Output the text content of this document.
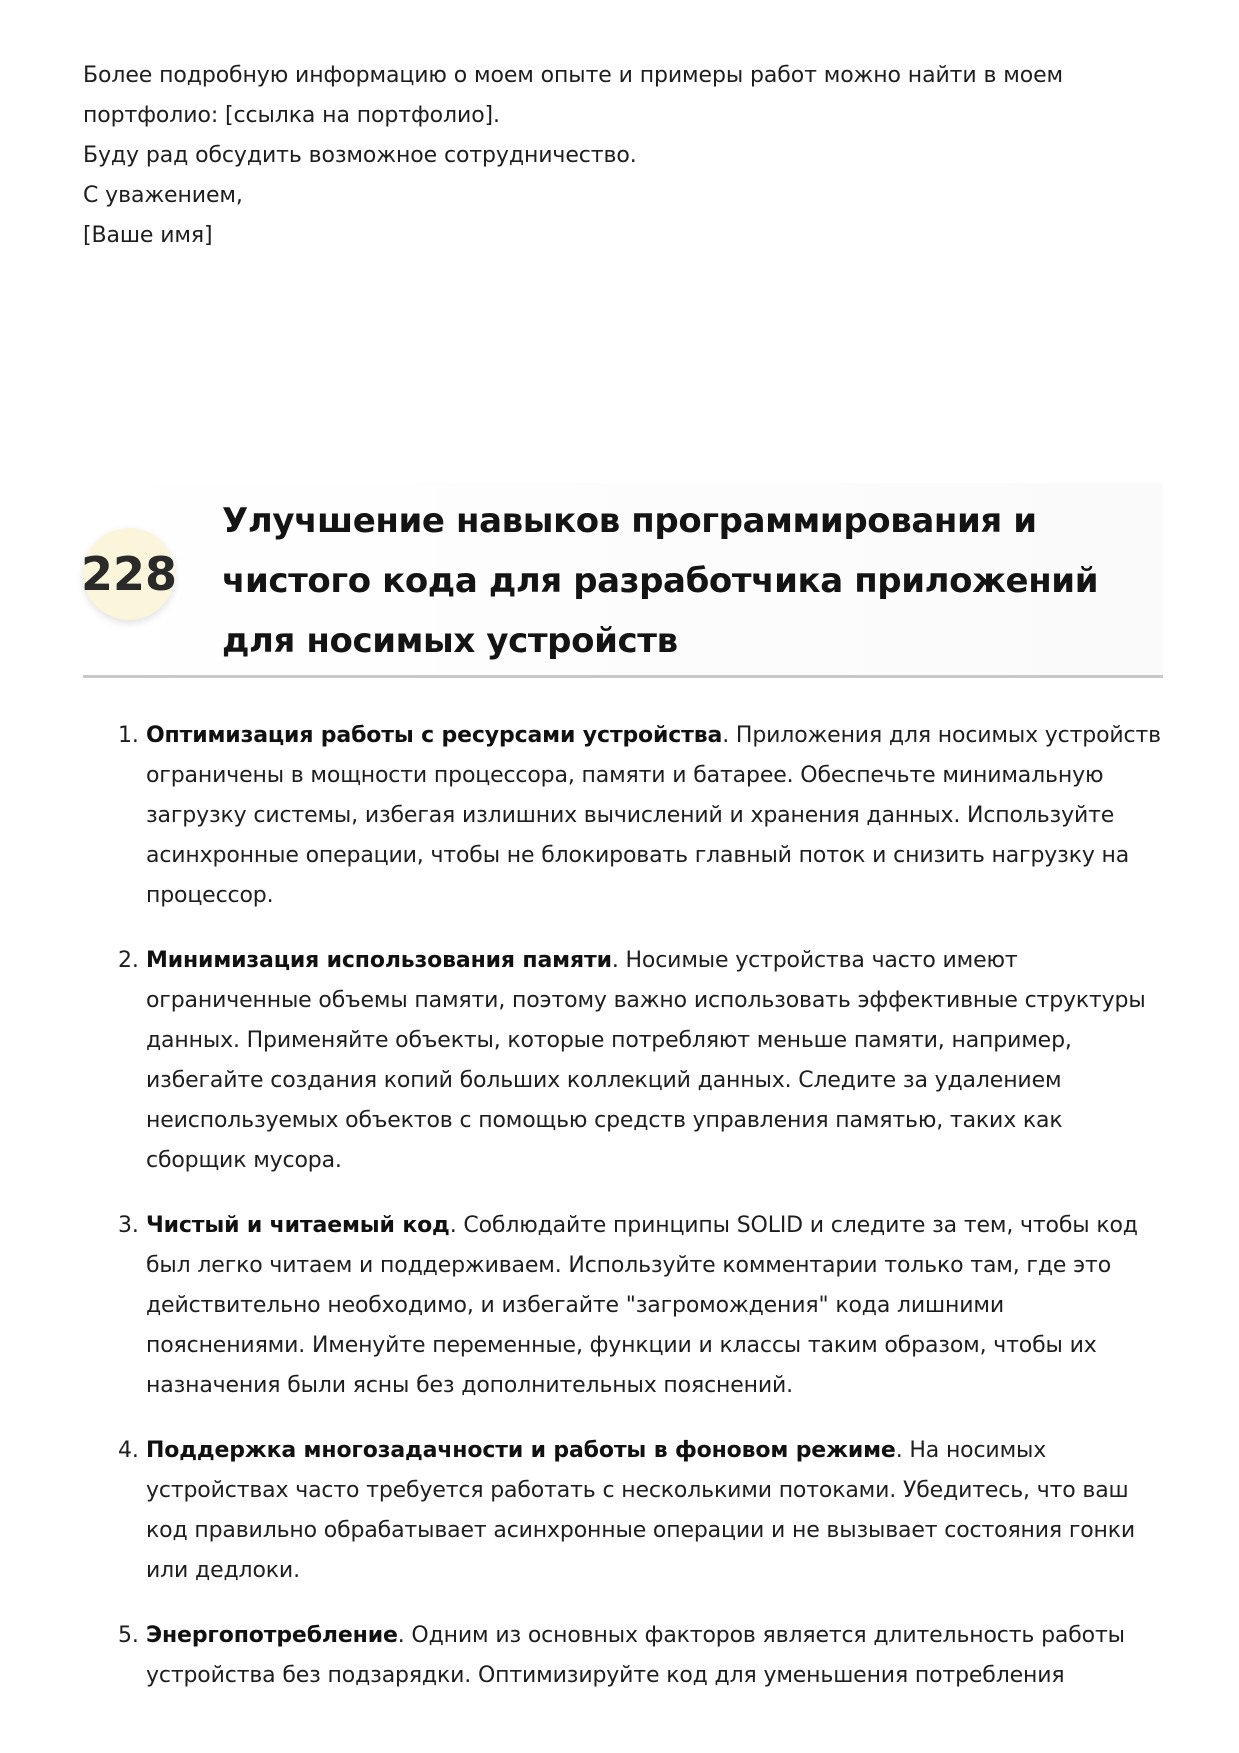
Более подробную информацию о моем опыте и примеры работ можно найти в моем портфолио: [ссылка на портфолио].

Буду рад обсудить возможное сотрудничество.

С уважением,

[Ваше имя]

228
Улучшение навыков программирования и чистого кода для разработчика приложений для носимых устройств
1. Оптимизация работы с ресурсами устройства. Приложения для носимых устройств ограничены в мощности процессора, памяти и батарее. Обеспечьте минимальную загрузку системы, избегая излишних вычислений и хранения данных. Используйте асинхронные операции, чтобы не блокировать главный поток и снизить нагрузку на процессор.
2. Минимизация использования памяти. Носимые устройства часто имеют ограниченные объемы памяти, поэтому важно использовать эффективные структуры данных. Применяйте объекты, которые потребляют меньше памяти, например, избегайте создания копий больших коллекций данных. Следите за удалением неиспользуемых объектов с помощью средств управления памятью, таких как сборщик мусора.
3. Чистый и читаемый код. Соблюдайте принципы SOLID и следите за тем, чтобы код был легко читаем и поддерживаем. Используйте комментарии только там, где это действительно необходимо, и избегайте "загромождения" кода лишними пояснениями. Именуйте переменные, функции и классы таким образом, чтобы их назначения были ясны без дополнительных пояснений.
4. Поддержка многозадачности и работы в фоновом режиме. На носимых устройствах часто требуется работать с несколькими потоками. Убедитесь, что ваш код правильно обрабатывает асинхронные операции и не вызывает состояния гонки или дедлоки.
5. Энергопотребление. Одним из основных факторов является длительность работы устройства без подзарядки. Оптимизируйте код для уменьшения потребления
